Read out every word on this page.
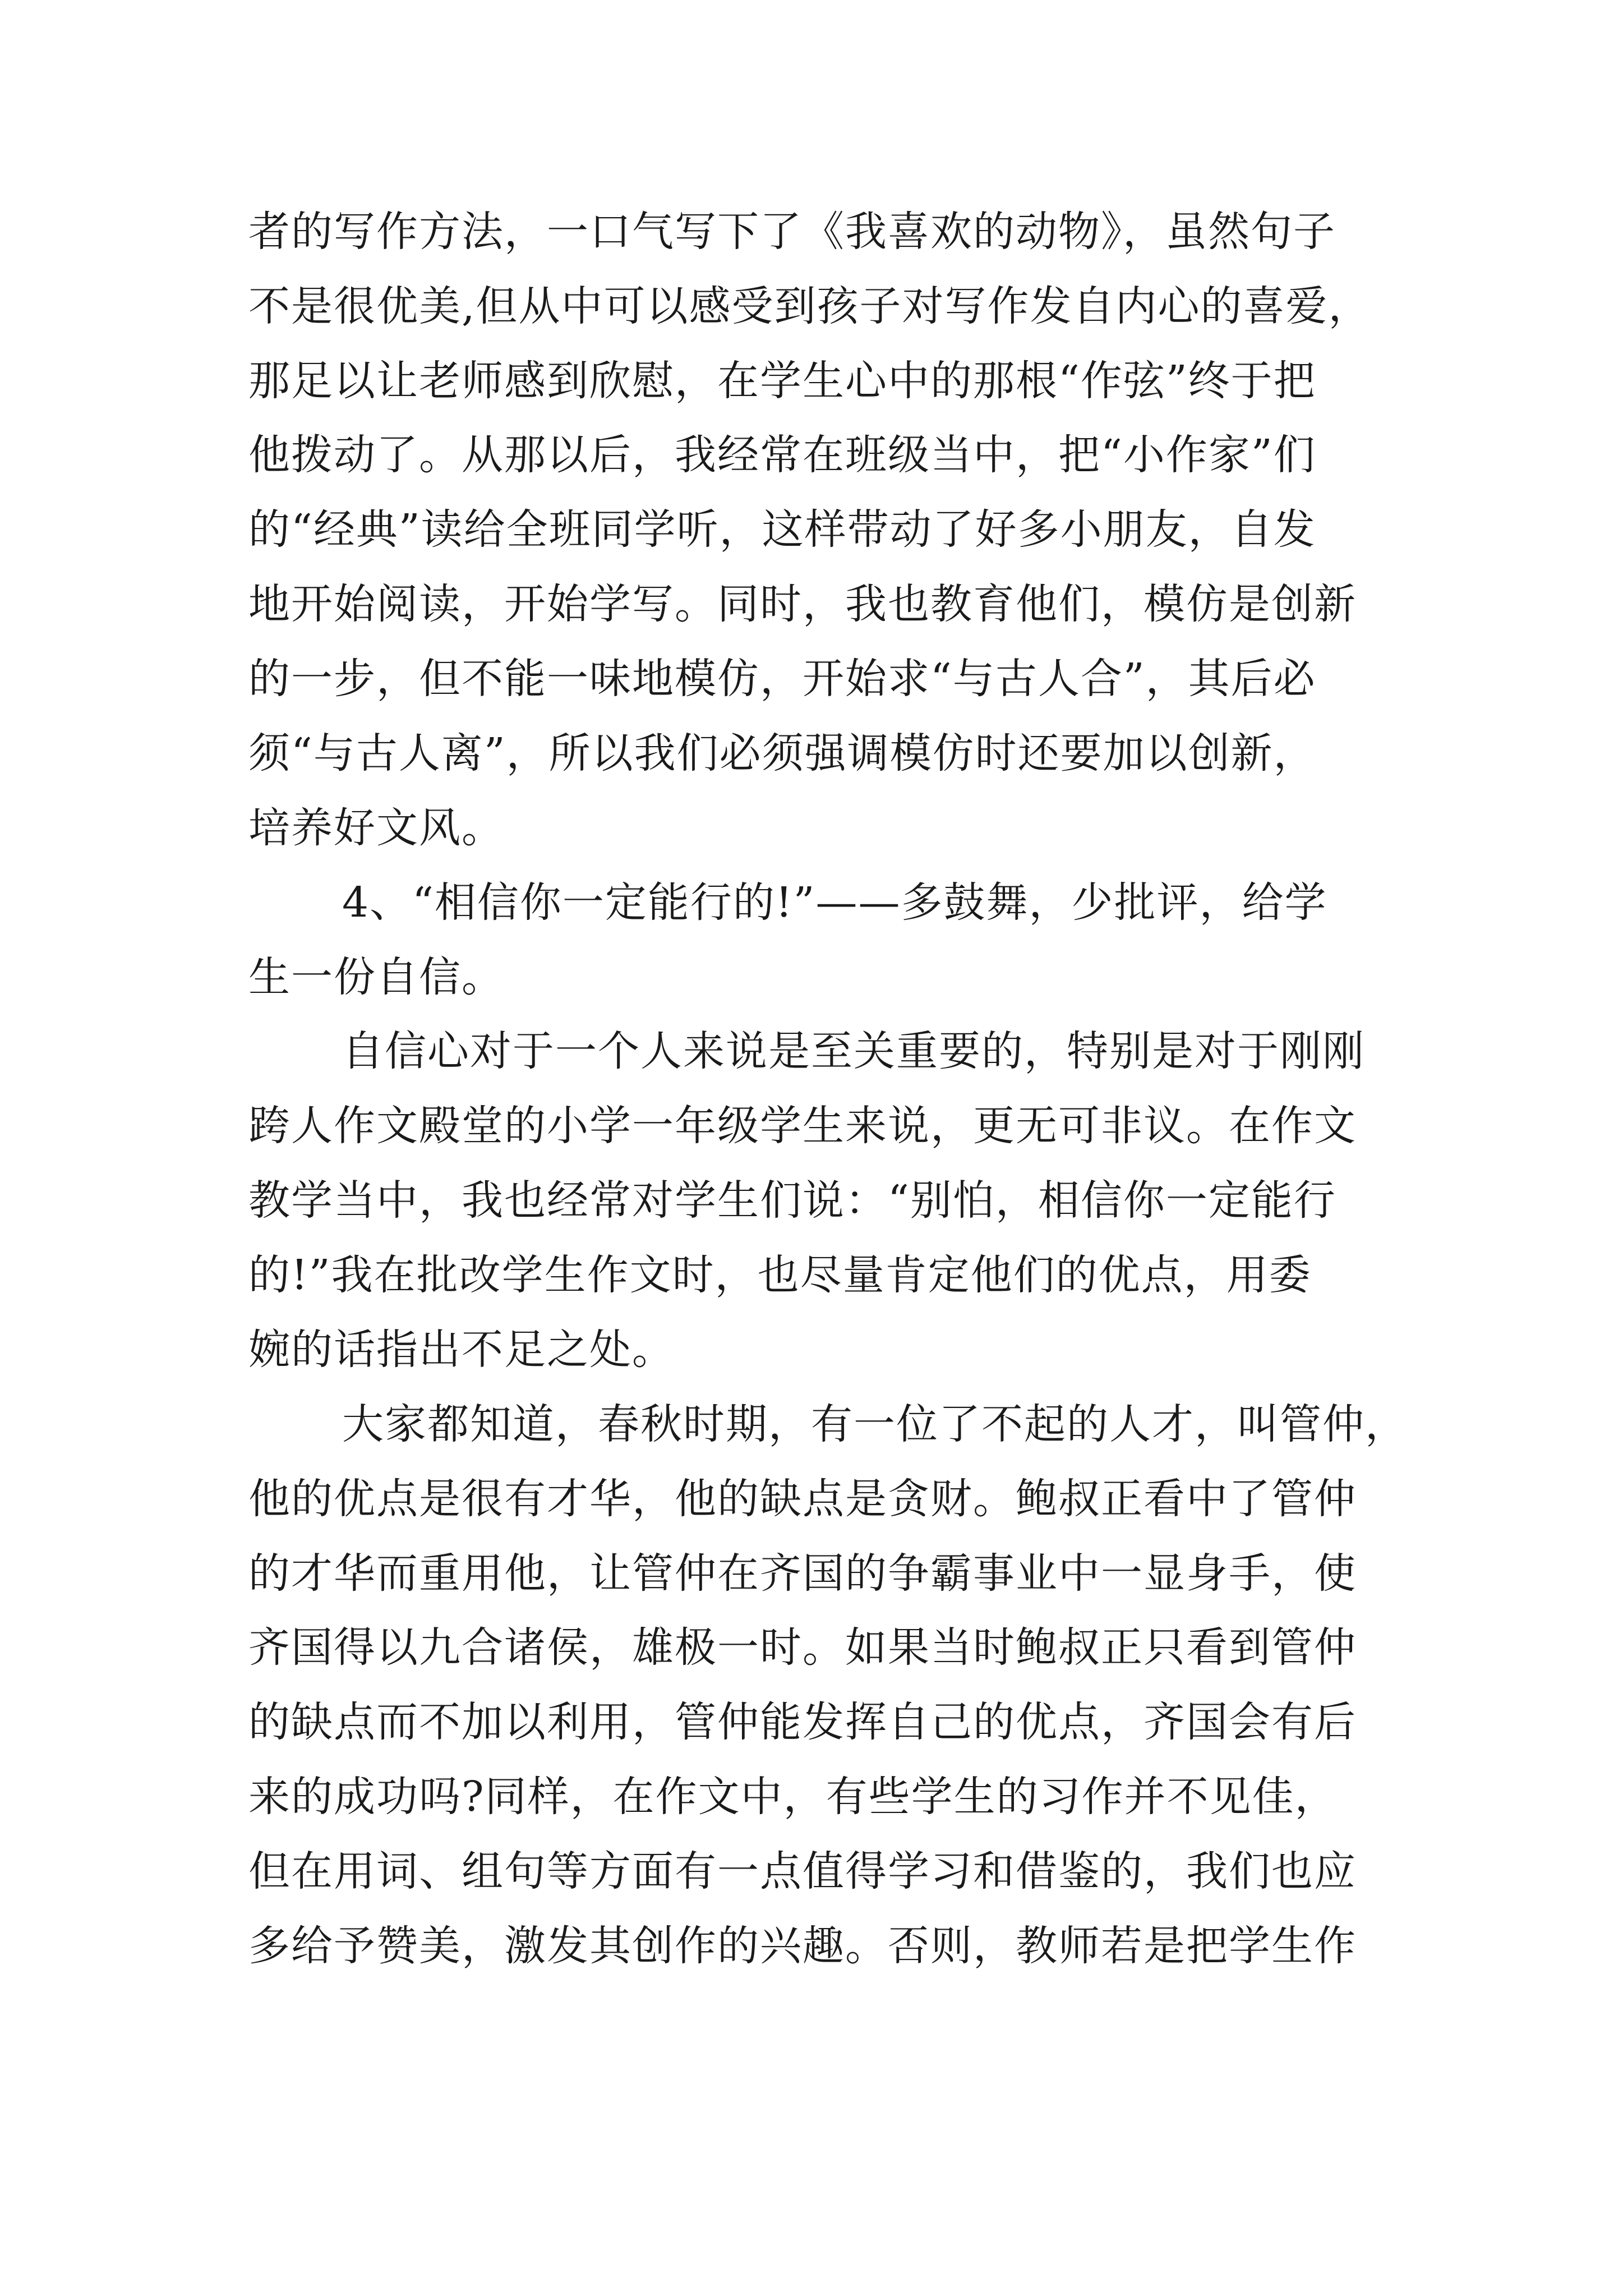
者的写作方法，一口气写下了《我喜欢的动物》，虽然句子
不是很优美,但从中可以感受到孩子对写作发自内心的喜爱，
那足以让老师感到欣慰，在学生心中的那根“作弦”终于把
他拨动了。从那以后，我经常在班级当中，把“小作家”们
的“经典”读给全班同学听，这样带动了好多小朋友，自发
地开始阅读，开始学写。同时，我也教育他们，模仿是创新
的一步，但不能一味地模仿，开始求“与古人合”，其后必
须“与古人离”，所以我们必须强调模仿时还要加以创新，
培养好文风。
4、“相信你一定能行的!”——多鼓舞，少批评，给学
生一份自信。
自信心对于一个人来说是至关重要的，特别是对于刚刚
跨人作文殿堂的小学一年级学生来说，更无可非议。在作文
教学当中，我也经常对学生们说：“别怕，相信你一定能行
的!”我在批改学生作文时，也尽量肯定他们的优点，用委
婉的话指出不足之处。
大家都知道，春秋时期，有一位了不起的人才，叫管仲，
他的优点是很有才华，他的缺点是贪财。鲍叔正看中了管仲
的才华而重用他，让管仲在齐国的争霸事业中一显身手，使
齐国得以九合诸侯，雄极一时。如果当时鲍叔正只看到管仲
的缺点而不加以利用，管仲能发挥自己的优点，齐国会有后
来的成功吗?同样，在作文中，有些学生的习作并不见佳，
但在用词、组句等方面有一点值得学习和借鉴的，我们也应
多给予赞美，激发其创作的兴趣。否则，教师若是把学生作
